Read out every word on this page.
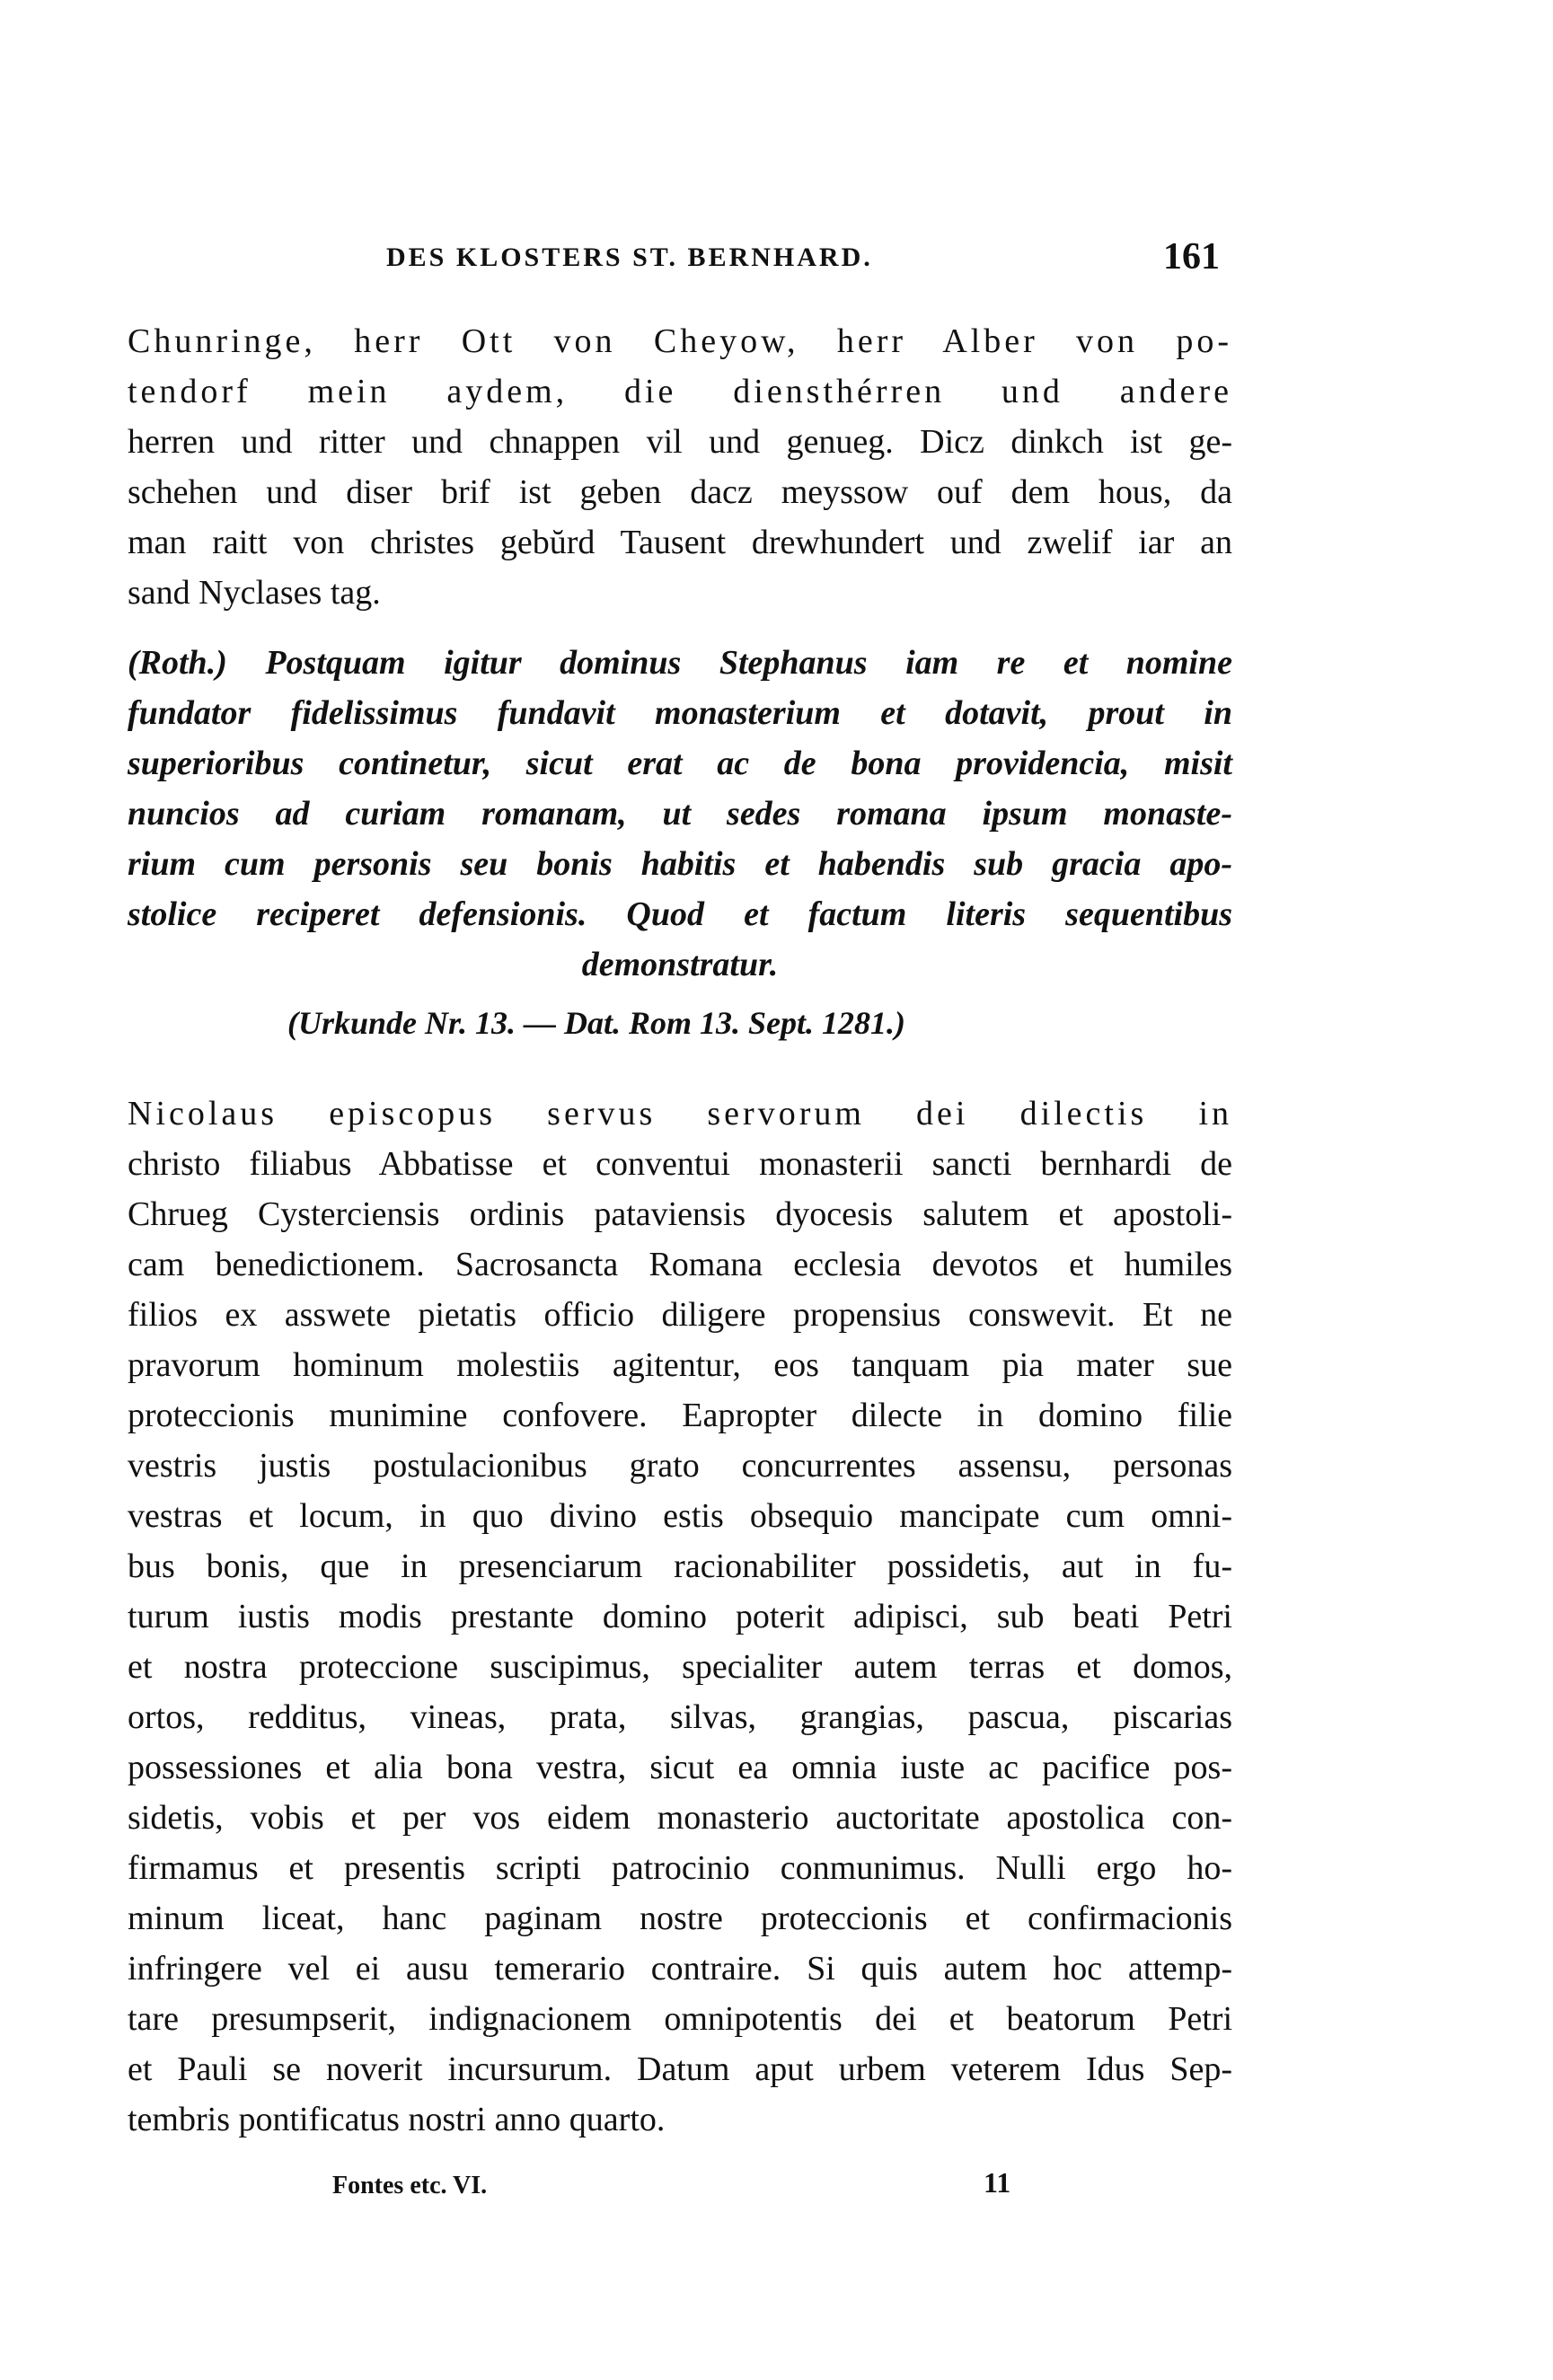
DES KLOSTERS ST. BERNHARD.	161
Chunringe, herr Ott von Cheyow, herr Alber von po-
tendorf mein aydem, die diensthérren und andere
herren und ritter und chnappen vil und genueg. Dicz dinkch ist ge-
schehen und diser brif ist geben dacz meyssow ouf dem hous, da
man raitt von christes gebŭrd Tausent drewhundert und zwelif iar an
sand Nyclases tag.
(Roth.) Postquam igitur dominus Stephanus iam re et nomine
fundator fidelissimus fundavit monasterium et dotavit, prout in
superioribus continetur, sicut erat ac de bona providencia, misit
nuncios ad curiam romanam, ut sedes romana ipsum monaste-
rium cum personis seu bonis habitis et habendis sub gracia apo-
stolice reciperet defensionis. Quod et factum literis sequentibus
demonstratur.
(Urkunde Nr. 13. — Dat. Rom 13. Sept. 1281.)
Nicolaus episcopus servus servorum dei dilectis in
christo filiabus Abbatisse et conventui monasterii sancti bernhardi de
Chrueg Cysterciensis ordinis pataviensis dyocesis salutem et apostoli-
cam benedictionem. Sacrosancta Romana ecclesia devotos et humiles
filios ex asswete pietatis officio diligere propensius conswevit. Et ne
pravorum hominum molestiis agitentur, eos tanquam pia mater sue
proteccionis munimine confovere. Eapropter dilecte in domino filie
vestris justis postulacionibus grato concurrentes assensu, personas
vestras et locum, in quo divino estis obsequio mancipate cum omni-
bus bonis, que in presenciarum racionabiliter possidetis, aut in fu-
turum iustis modis prestante domino poterit adipisci, sub beati Petri
et nostra proteccione suscipimus, specialiter autem terras et domos,
ortos, redditus, vineas, prata, silvas, grangias, pascua, piscarias
possessiones et alia bona vestra, sicut ea omnia iuste ac pacifice pos-
sidetis, vobis et per vos eidem monasterio auctoritate apostolica con-
firmamus et presentis scripti patrocinio conmunimus. Nulli ergo ho-
minum liceat, hanc paginam nostre proteccionis et confirmacionis
infringere vel ei ausu temerario contraire. Si quis autem hoc attemp-
tare presumpserit, indignacionem omnipotentis dei et beatorum Petri
et Pauli se noverit incursurum. Datum aput urbem veterem Idus Sep-
tembris pontificatus nostri anno quarto.
Fontes etc. VI.	11
